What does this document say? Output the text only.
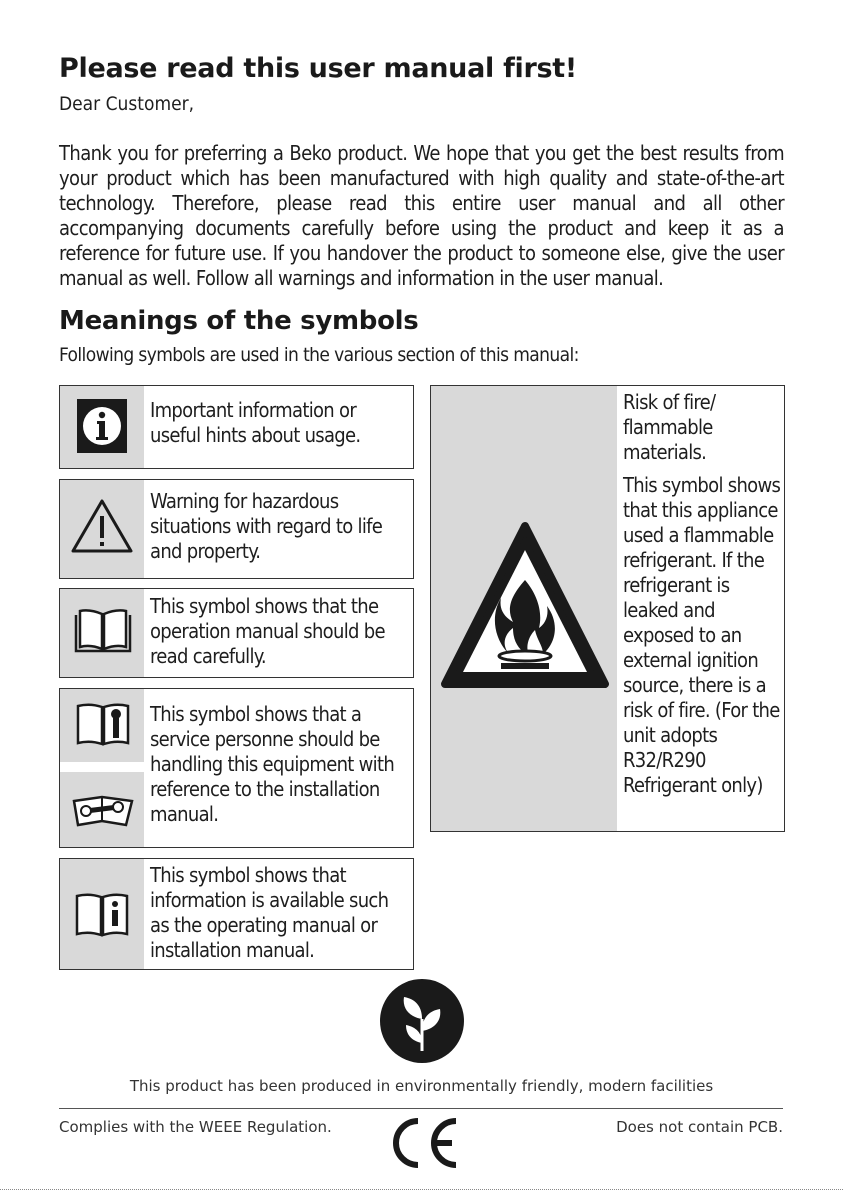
Please read this user manual first!
Dear Customer,
Thank you for preferring a Beko product. We hope that you get the best results from your product which has been manufactured with high quality and state-of-the-art technology. Therefore, please read this entire user manual and all other accompanying documents carefully before using the product and keep it as a reference for future use. If you handover the product to someone else, give the user manual as well. Follow all warnings and information in the user manual.
Meanings of the symbols
Following symbols are used in the various section of this manual:
Important information or useful hints about usage.
Warning for hazardous situations with regard to life and property.
This symbol shows that the operation manual should be read carefully.
This symbol shows that a service personne should be handling this equipment with reference to the installation manual.
This symbol shows that information is available such as the operating manual or installation manual.
Risk of fire/ flammable materials.
This symbol shows that this appliance used a flammable refrigerant. If the refrigerant is leaked and exposed to an external ignition source, there is a risk of fire. (For the unit adopts R32/R290 Refrigerant only)
This product has been produced in environmentally friendly, modern facilities
Complies with the WEEE Regulation.	Does not contain PCB.
